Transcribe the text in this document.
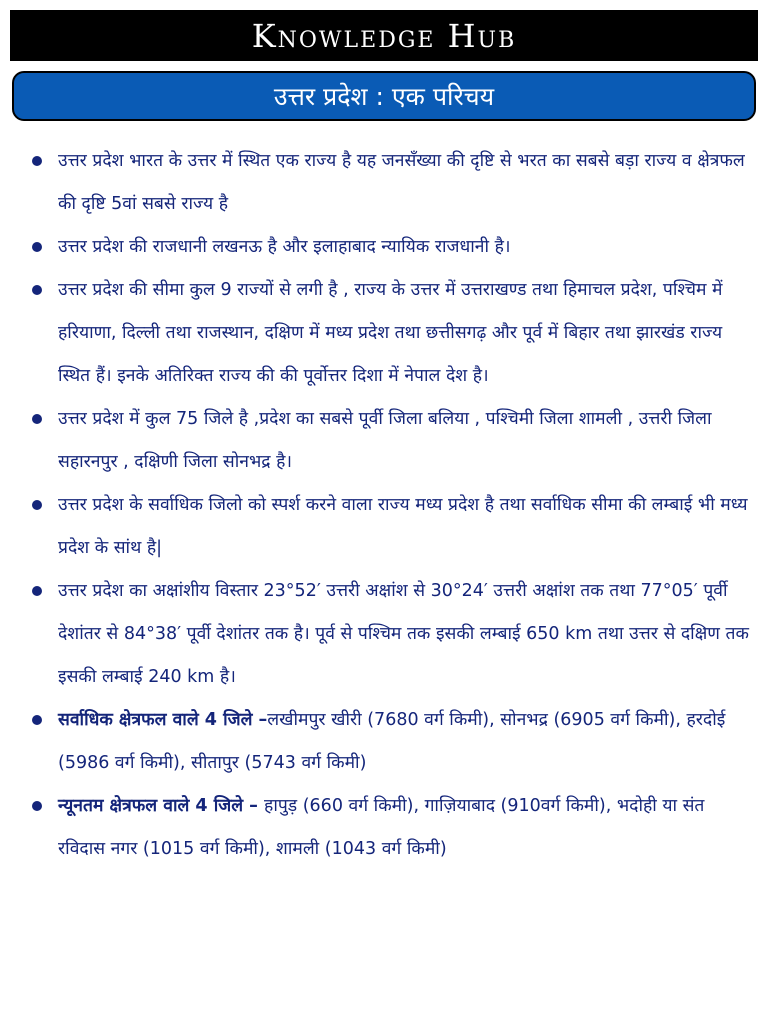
Knowledge Hub
उत्तर प्रदेश : एक परिचय
उत्तर प्रदेश भारत के उत्तर में स्थित एक राज्य है यह जनसँख्या की दृष्टि से भरत का सबसे बड़ा राज्य व क्षेत्रफल की दृष्टि 5वां सबसे राज्य है
उत्तर प्रदेश की राजधानी लखनऊ है और इलाहाबाद न्यायिक राजधानी है।
उत्तर प्रदेश की सीमा कुल 9 राज्यों से लगी है , राज्य के उत्तर में उत्तराखण्ड तथा हिमाचल प्रदेश, पश्चिम में हरियाणा, दिल्ली तथा राजस्थान, दक्षिण में मध्य प्रदेश तथा छत्तीसगढ़ और पूर्व में बिहार तथा झारखंड राज्य स्थित हैं। इनके अतिरिक्त राज्य की की पूर्वोत्तर दिशा में नेपाल देश है।
उत्तर प्रदेश में कुल 75 जिले है ,प्रदेश का सबसे पूर्वी जिला बलिया , पश्चिमी जिला शामली , उत्तरी जिला सहारनपुर , दक्षिणी जिला सोनभद्र है।
उत्तर प्रदेश के सर्वाधिक जिलो को स्पर्श करने वाला राज्य मध्य प्रदेश है तथा सर्वाधिक सीमा की लम्बाई भी मध्य प्रदेश के सांथ है|
उत्तर प्रदेश का अक्षांशीय विस्तार 23°52′ उत्तरी अक्षांश से 30°24′ उत्तरी अक्षांश तक तथा 77°05′ पूर्वी देशांतर से 84°38′ पूर्वी देशांतर तक है। पूर्व से पश्चिम तक इसकी लम्बाई 650 km तथा उत्तर से दक्षिण तक इसकी लम्बाई 240 km है।
सर्वाधिक क्षेत्रफल वाले 4 जिले –लखीमपुर खीरी (7680 वर्ग किमी), सोनभद्र (6905 वर्ग किमी), हरदोई (5986 वर्ग किमी), सीतापुर (5743 वर्ग किमी)
न्यूनतम क्षेत्रफल वाले 4 जिले – हापुड़ (660 वर्ग किमी), गाज़ियाबाद (910वर्ग किमी), भदोही या संत रविदास नगर (1015 वर्ग किमी), शामली (1043 वर्ग किमी)
